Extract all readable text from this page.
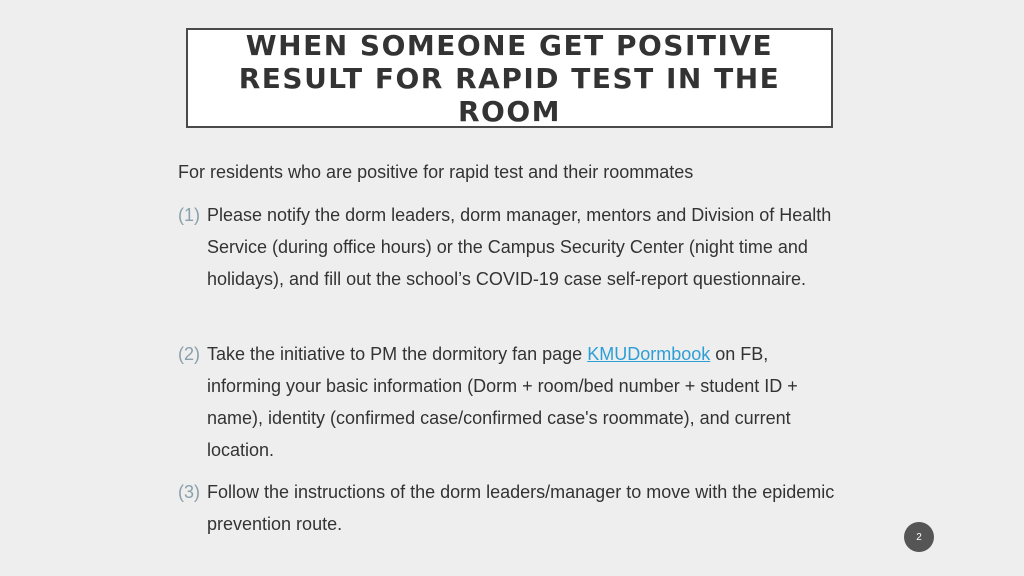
WHEN SOMEONE GET POSITIVE
RESULT FOR RAPID TEST IN THE
ROOM

For residents who are positive for rapid test and their roommates

(1) Please notify the dorm leaders, dorm manager, mentors and Division of Health Service (during office hours) or the Campus Security Center (night time and holidays), and fill out the school’s COVID-19 case self-report questionnaire.
(2) Take the initiative to PM the dormitory fan page KMUDormbook on FB, informing your basic information (Dorm + room/bed number + student ID + name), identity (confirmed case/confirmed case's roommate), and current location.
(3) Follow the instructions of the dorm leaders/manager to move with the epidemic prevention route.
2
